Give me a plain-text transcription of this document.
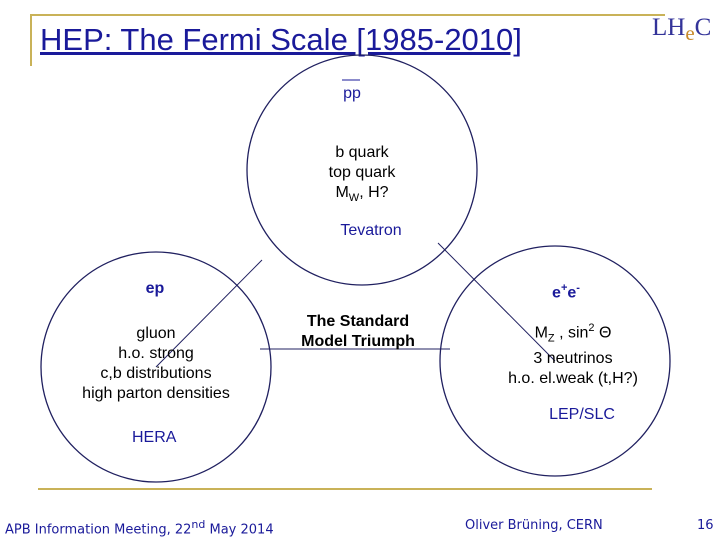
HEP: The Fermi Scale [1985-2010]	$LH_eC$
pp
b quark
top quark
$M_W$, H?
Tevatron
ep
gluon
h.o. strong
c,b distributions
high parton densities
HERA
The Standard
Model Triumph
e+e-
$M_Z$ , $\sin^2 \Theta$
3 neutrinos
h.o. el.weak (t,H?)
LEP/SLC
APB Information Meeting, 22nd May 2014	Oliver Brüning, CERN	16
